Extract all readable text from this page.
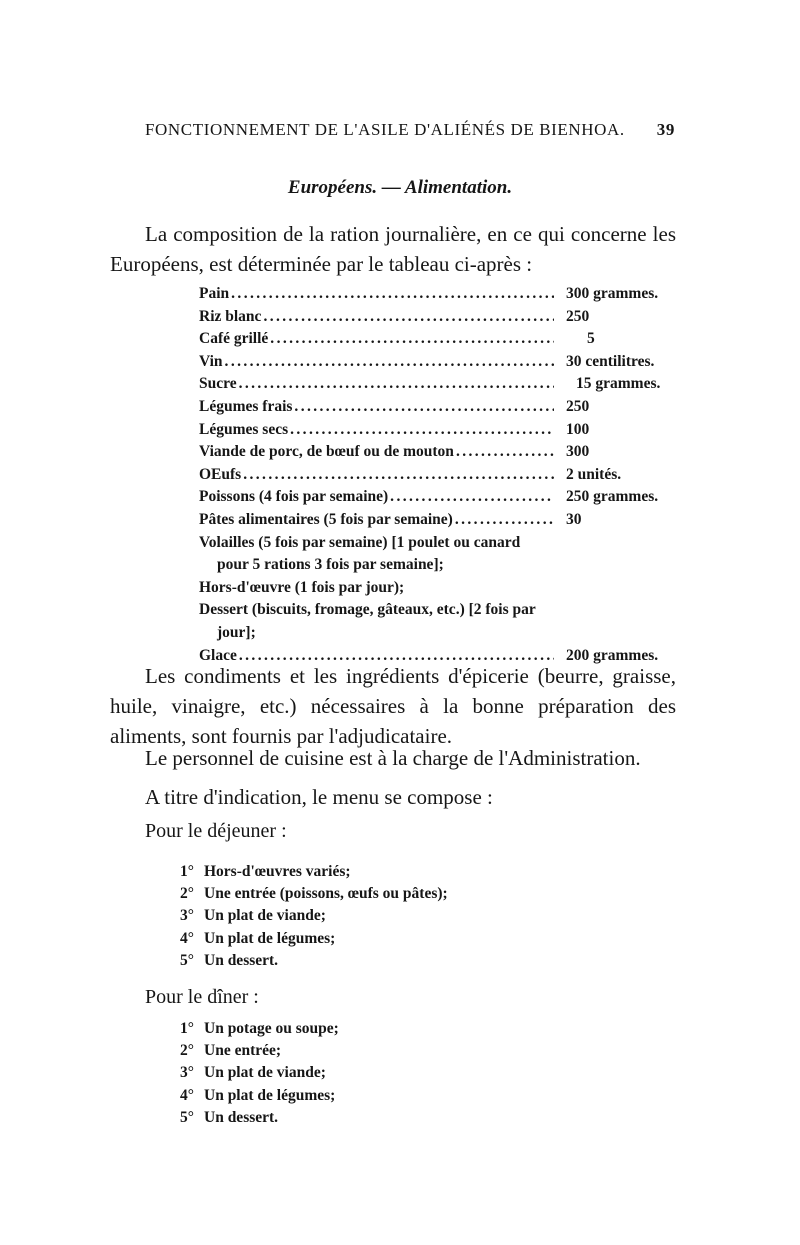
FONCTIONNEMENT DE L'ASILE D'ALIÉNÉS DE BIENHOA. 39
Européens. — Alimentation.
La composition de la ration journalière, en ce qui concerne les Européens, est déterminée par le tableau ci-après :
Pain .....	300 grammes.
Riz blanc .....	250
Café grillé .....	5
Vin .....	30 centilitres.
Sucre .....	15 grammes.
Légumes frais .....	250
Légumes secs .....	100
Viande de porc, de bœuf ou de mouton .....	300
OEufs .....	2 unités.
Poissons (4 fois par semaine) .....	250 grammes.
Pâtes alimentaires (5 fois par semaine) .....	30
Volailles (5 fois par semaine) [1 poulet ou canard
pour 5 rations 3 fois par semaine];
Hors-d'œuvre (1 fois par jour);
Dessert (biscuits, fromage, gâteaux, etc.) [2 fois par
jour];
Glace .....	200 grammes.
Les condiments et les ingrédients d'épicerie (beurre, graisse, huile, vinaigre, etc.) nécessaires à la bonne préparation des aliments, sont fournis par l'adjudicataire.
Le personnel de cuisine est à la charge de l'Administration.
A titre d'indication, le menu se compose :
Pour le déjeuner :
1° Hors-d'œuvres variés;
2° Une entrée (poissons, œufs ou pâtes);
3° Un plat de viande;
4° Un plat de légumes;
5° Un dessert.
Pour le dîner :
1° Un potage ou soupe;
2° Une entrée;
3° Un plat de viande;
4° Un plat de légumes;
5° Un dessert.
